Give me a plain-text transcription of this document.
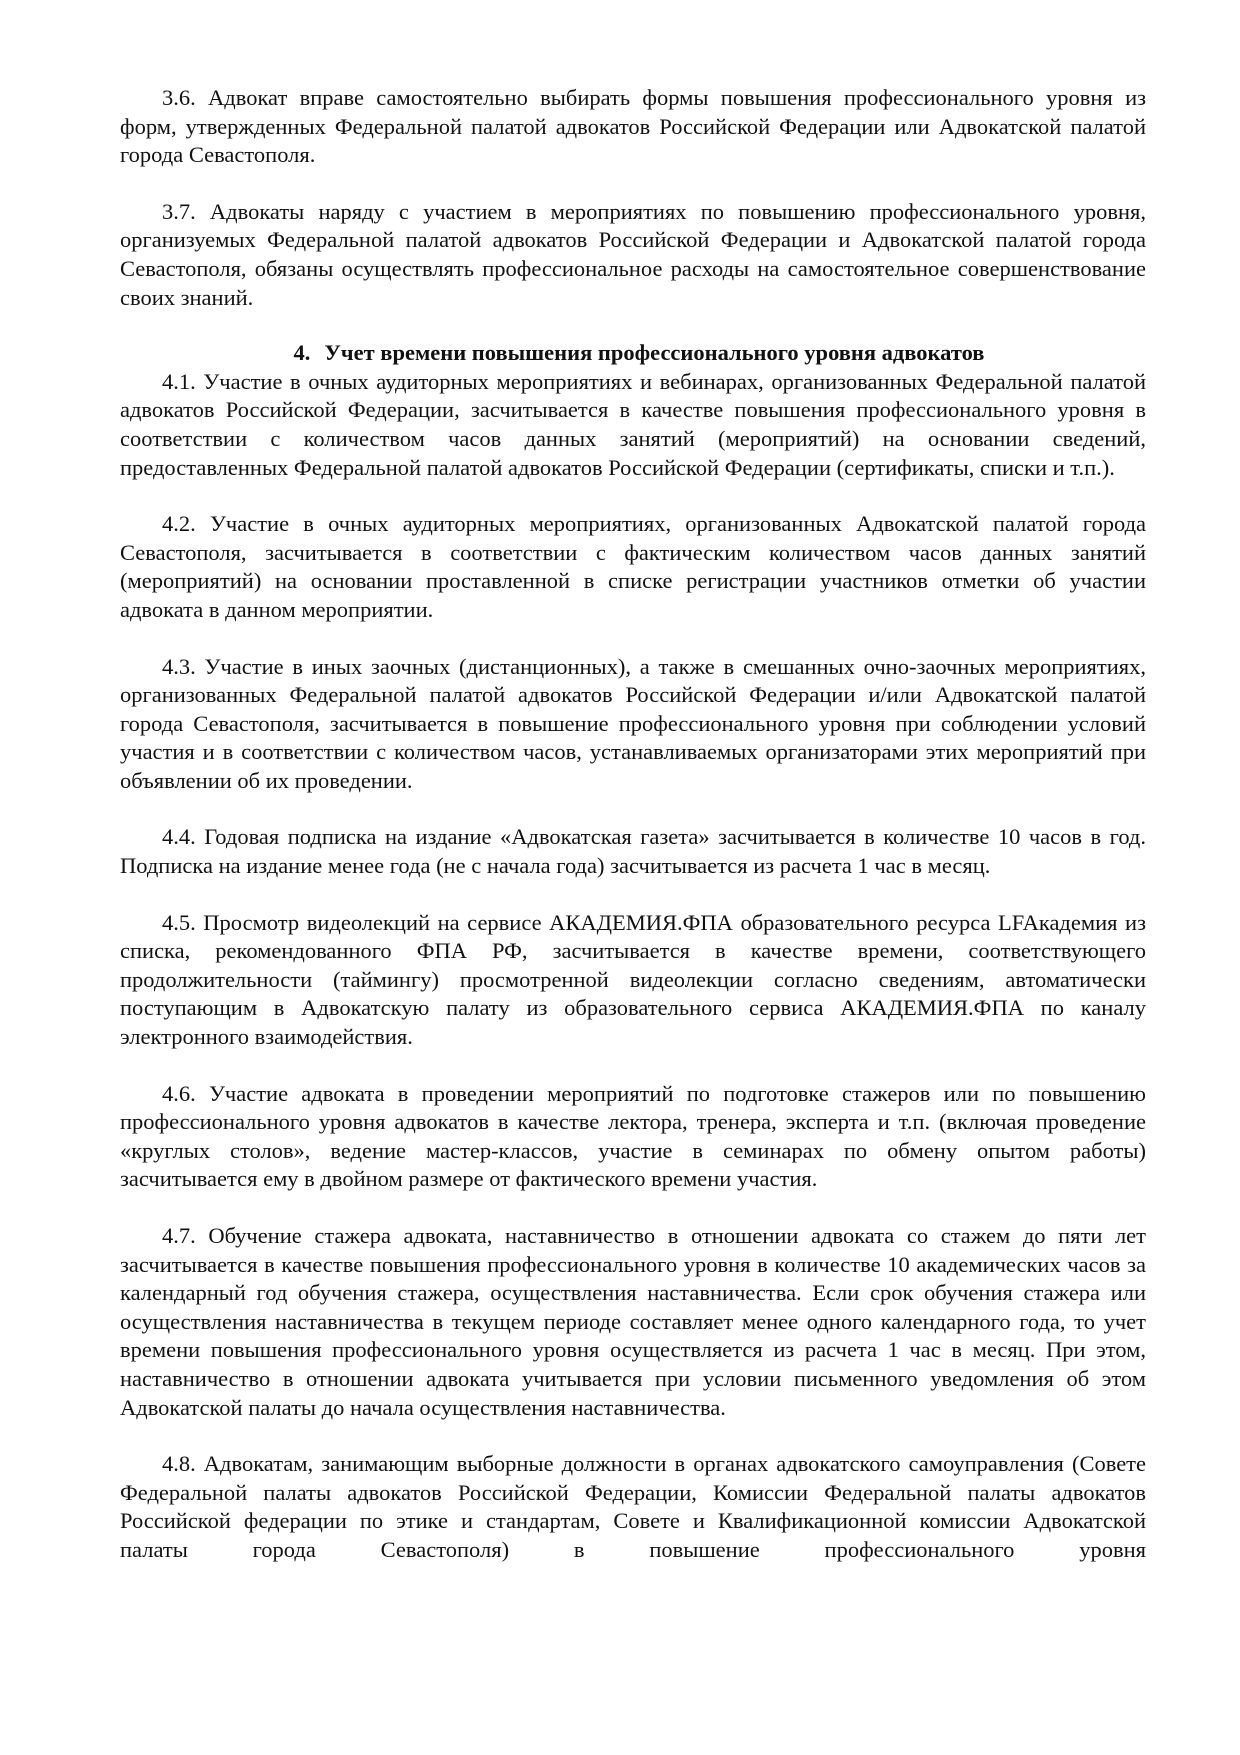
3.6. Адвокат вправе самостоятельно выбирать формы повышения профессионального уровня из форм, утвержденных Федеральной палатой адвокатов Российской Федерации или Адвокатской палатой города Севастополя.

3.7. Адвокаты наряду с участием в мероприятиях по повышению профессионального уровня, организуемых Федеральной палатой адвокатов Российской Федерации и Адвокатской палатой города Севастополя, обязаны осуществлять профессиональное расходы на самостоятельное совершенствование своих знаний.

4. Учет времени повышения профессионального уровня адвокатов

4.1. Участие в очных аудиторных мероприятиях и вебинарах, организованных Федеральной палатой адвокатов Российской Федерации, засчитывается в качестве повышения профессионального уровня в соответствии с количеством часов данных занятий (мероприятий) на основании сведений, предоставленных Федеральной палатой адвокатов Российской Федерации (сертификаты, списки и т.п.).

4.2. Участие в очных аудиторных мероприятиях, организованных Адвокатской палатой города Севастополя, засчитывается в соответствии с фактическим количеством часов данных занятий (мероприятий) на основании проставленной в списке регистрации участников отметки об участии адвоката в данном мероприятии.

4.3. Участие в иных заочных (дистанционных), а также в смешанных очно-заочных мероприятиях, организованных Федеральной палатой адвокатов Российской Федерации и/или Адвокатской палатой города Севастополя, засчитывается в повышение профессионального уровня при соблюдении условий участия и в соответствии с количеством часов, устанавливаемых организаторами этих мероприятий при объявлении об их проведении.

4.4. Годовая подписка на издание «Адвокатская газета» засчитывается в количестве 10 часов в год. Подписка на издание менее года (не с начала года) засчитывается из расчета 1 час в месяц.

4.5. Просмотр видеолекций на сервисе АКАДЕМИЯ.ФПА образовательного ресурса LFAкадемия из списка, рекомендованного ФПА РФ, засчитывается в качестве времени, соответствующего продолжительности (таймингу) просмотренной видеолекции согласно сведениям, автоматически поступающим в Адвокатскую палату из образовательного сервиса АКАДЕМИЯ.ФПА по каналу электронного взаимодействия.

4.6. Участие адвоката в проведении мероприятий по подготовке стажеров или по повышению профессионального уровня адвокатов в качестве лектора, тренера, эксперта и т.п. (включая проведение «круглых столов», ведение мастер-классов, участие в семинарах по обмену опытом работы) засчитывается ему в двойном размере от фактического времени участия.

4.7. Обучение стажера адвоката, наставничество в отношении адвоката со стажем до пяти лет засчитывается в качестве повышения профессионального уровня в количестве 10 академических часов за календарный год обучения стажера, осуществления наставничества. Если срок обучения стажера или осуществления наставничества в текущем периоде составляет менее одного календарного года, то учет времени повышения профессионального уровня осуществляется из расчета 1 час в месяц. При этом, наставничество в отношении адвоката учитывается при условии письменного уведомления об этом Адвокатской палаты до начала осуществления наставничества.

4.8. Адвокатам, занимающим выборные должности в органах адвокатского самоуправления (Совете Федеральной палаты адвокатов Российской Федерации, Комиссии Федеральной палаты адвокатов Российской федерации по этике и стандартам, Совете и Квалификационной комиссии Адвокатской палаты города Севастополя) в повышение профессионального уровня
